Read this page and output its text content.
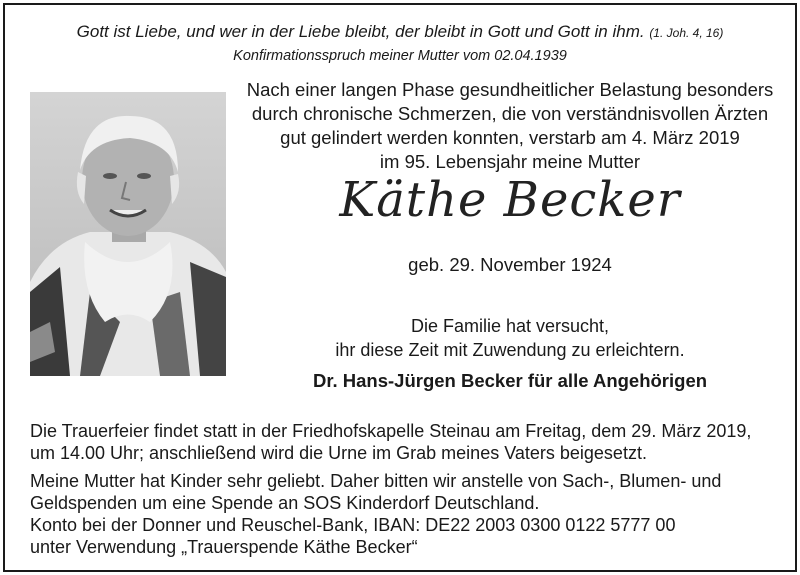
Gott ist Liebe, und wer in der Liebe bleibt, der bleibt in Gott und Gott in ihm. (1. Joh. 4, 16)
Konfirmationsspruch meiner Mutter vom 02.04.1939
Nach einer langen Phase gesundheitlicher Belastung besonders
durch chronische Schmerzen, die von verständnisvollen Ärzten
gut gelindert werden konnten, verstarb am 4. März 2019
im 95. Lebensjahr meine Mutter
Käthe Becker
geb. 29. November 1924
Die Familie hat versucht,
ihr diese Zeit mit Zuwendung zu erleichtern.
Dr. Hans-Jürgen Becker für alle Angehörigen
Die Trauerfeier findet statt in der Friedhofskapelle Steinau am Freitag, dem 29. März 2019,
um 14.00 Uhr; anschließend wird die Urne im Grab meines Vaters beigesetzt.
Meine Mutter hat Kinder sehr geliebt. Daher bitten wir anstelle von Sach-, Blumen- und
Geldspenden um eine Spende an SOS Kinderdorf Deutschland.
Konto bei der Donner und Reuschel-Bank, IBAN: DE22 2003 0300 0122 5777 00
unter Verwendung „Trauerspende Käthe Becker“
